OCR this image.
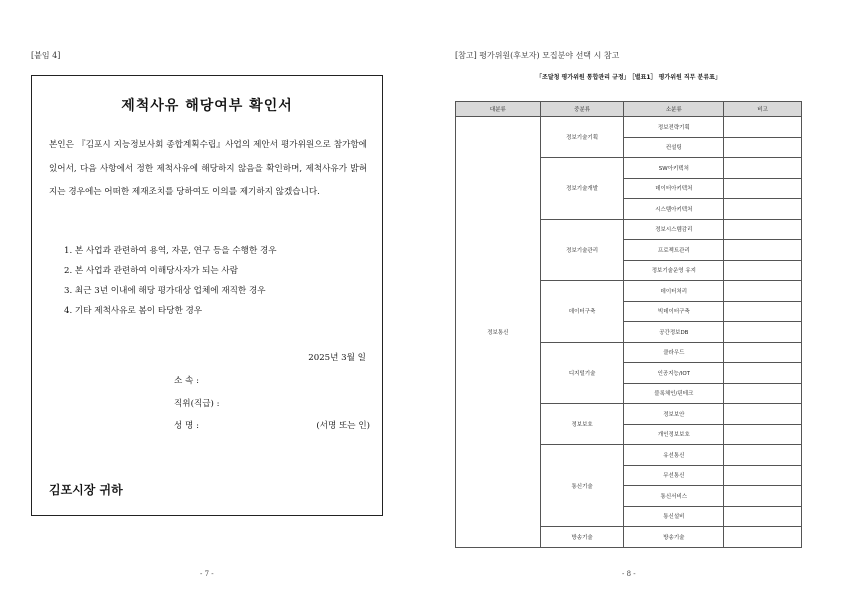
[붙임 4]
제척사유 해당여부 확인서
본인은 『김포시 지능정보사회 종합계획수립』사업의 제안서 평가위원으로 참가함에 있어서, 다음 사항에서 정한 제척사유에 해당하지 않음을 확인하며, 제척사유가 밝혀지는 경우에는 어떠한 제재조치를 당하여도 이의를 제기하지 않겠습니다.
1. 본 사업과 관련하여 용역, 자문, 연구 등을 수행한 경우
2. 본 사업과 관련하여 이해당사자가 되는 사람
3. 최근 3년 이내에 해당 평가대상 업체에 재직한 경우
4. 기타 제척사유로 봄이 타당한 경우
2025년 3월 일
소 속 :
직위(직급) :
성 명 :	(서명 또는 인)
김포시장 귀하
- 7 -
[참고] 평가위원(후보자) 모집분야 선택 시 참고
｢조달청 평가위원 통합관리 규정｣ ［별표1］ 평가위원 직무 분류표｣
대분류	중분류	소분류	비고
정보통신	정보기술기획	정보전략기획	
		컨설팅	
	정보기술개발	SW아키텍처	
		데이터아키텍처	
		시스템아키텍처	
	정보기술관리	정보시스템감리	
		프로젝트관리	
		정보기술운영 유지	
	데이터구축	데이터처리	
		빅데이터구축	
		공간정보DB	
	디지털기술	클라우드	
		인공지능/IOT	
		블록체인/핀테크	
	정보보호	정보보안	
		개인정보보호	
	통신기술	유선통신	
		무선통신	
		통신서비스	
		통신설비	
	방송기술	방송기술	
- 8 -
